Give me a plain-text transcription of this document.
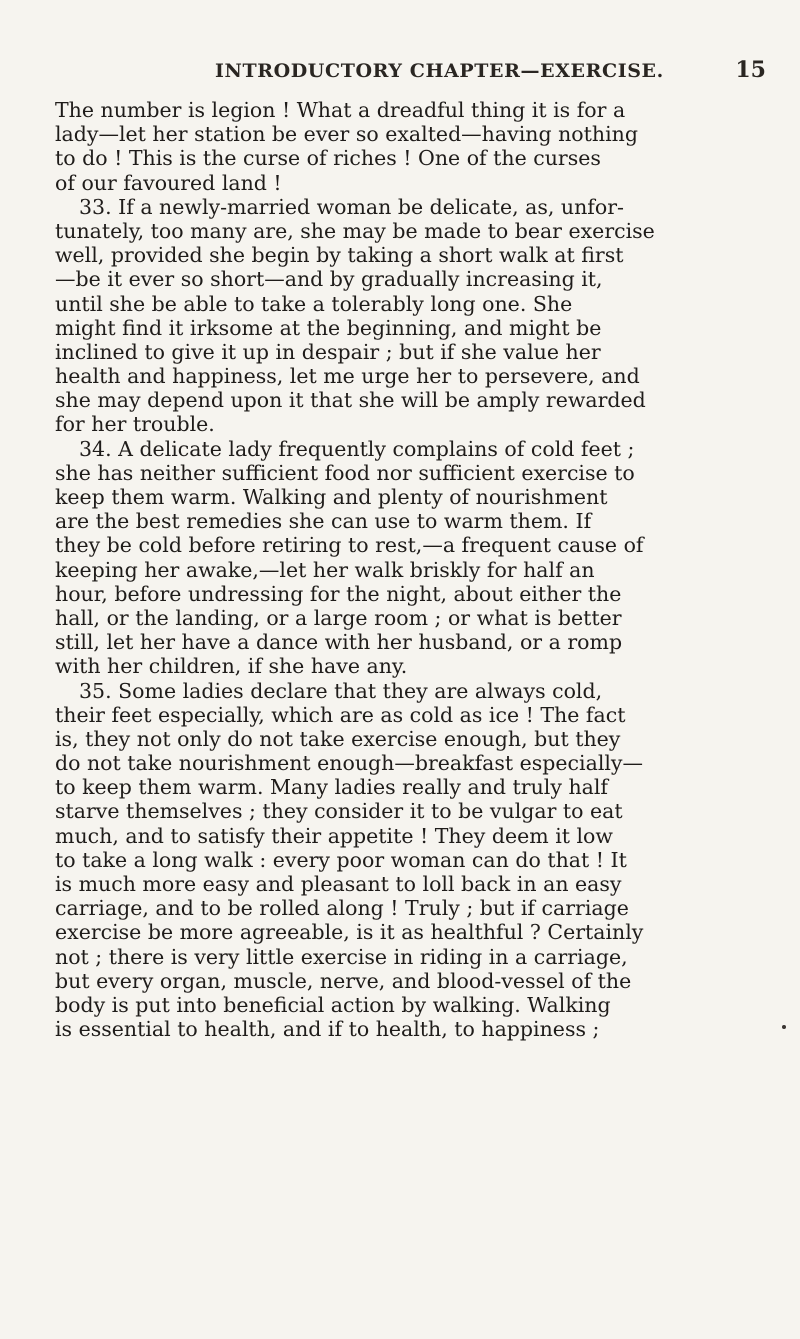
INTRODUCTORY CHAPTER—EXERCISE.	15
The number is legion ! What a dreadful thing it is for a
lady—let her station be ever so exalted—having nothing
to do ! This is the curse of riches ! One of the curses
of our favoured land !
33. If a newly-married woman be delicate, as, unfor-
tunately, too many are, she may be made to bear exercise
well, provided she begin by taking a short walk at first
—be it ever so short—and by gradually increasing it,
until she be able to take a tolerably long one. She
might find it irksome at the beginning, and might be
inclined to give it up in despair ; but if she value her
health and happiness, let me urge her to persevere, and
she may depend upon it that she will be amply rewarded
for her trouble.
34. A delicate lady frequently complains of cold feet ;
she has neither sufficient food nor sufficient exercise to
keep them warm. Walking and plenty of nourishment
are the best remedies she can use to warm them. If
they be cold before retiring to rest,—a frequent cause of
keeping her awake,—let her walk briskly for half an
hour, before undressing for the night, about either the
hall, or the landing, or a large room ; or what is better
still, let her have a dance with her husband, or a romp
with her children, if she have any.
35. Some ladies declare that they are always cold,
their feet especially, which are as cold as ice ! The fact
is, they not only do not take exercise enough, but they
do not take nourishment enough—breakfast especially—
to keep them warm. Many ladies really and truly half
starve themselves ; they consider it to be vulgar to eat
much, and to satisfy their appetite ! They deem it low
to take a long walk : every poor woman can do that ! It
is much more easy and pleasant to loll back in an easy
carriage, and to be rolled along ! Truly ; but if carriage
exercise be more agreeable, is it as healthful ? Certainly
not ; there is very little exercise in riding in a carriage,
but every organ, muscle, nerve, and blood-vessel of the
body is put into beneficial action by walking. Walking
is essential to health, and if to health, to happiness ;
